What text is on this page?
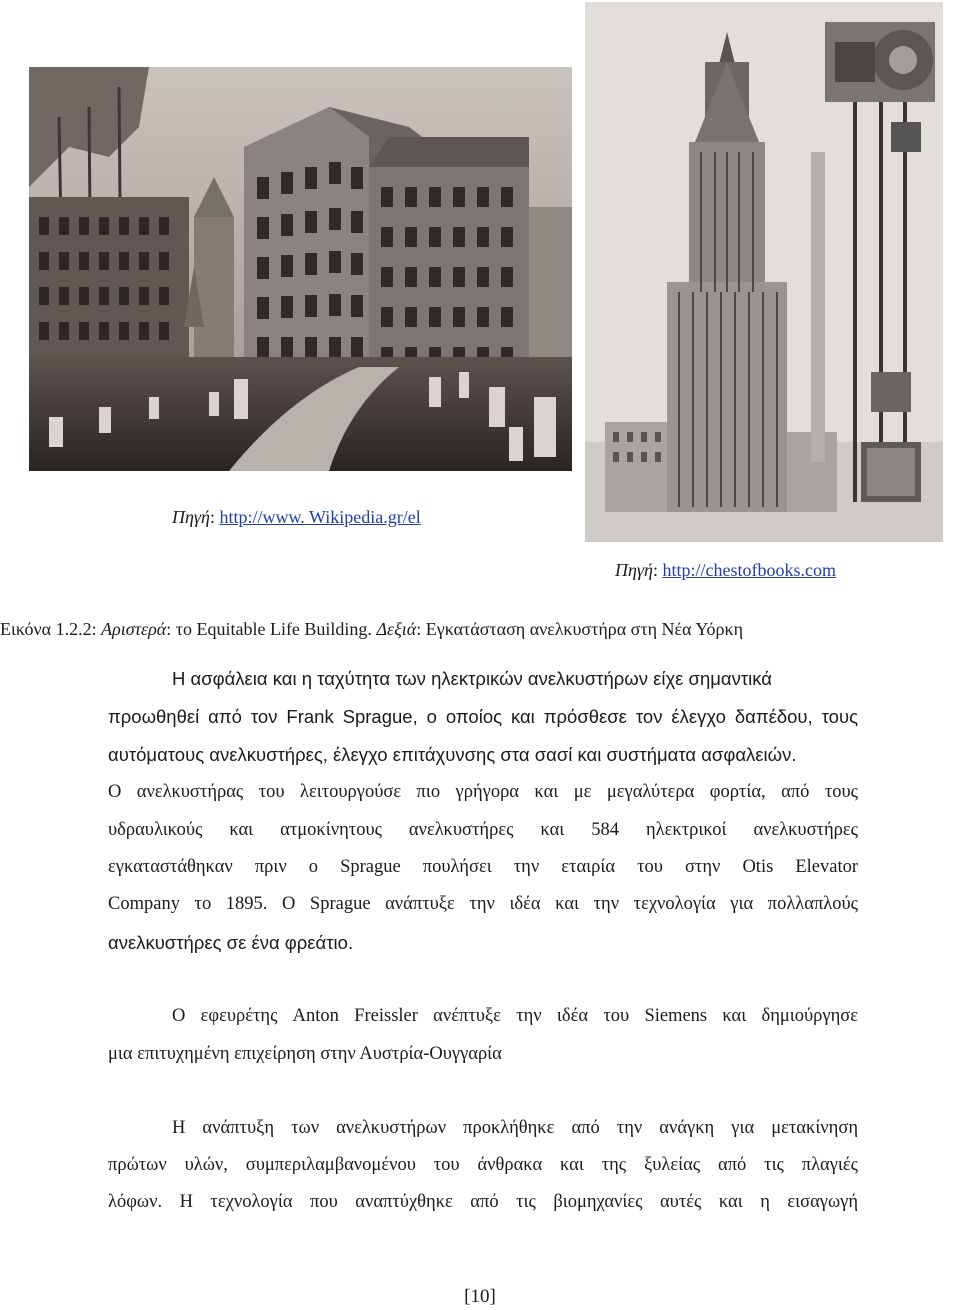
Πηγή: http://www. Wikipedia.gr/el
Πηγή: http://chestofbooks.com
Εικόνα 1.2.2: Αριστερά: το Equitable Life Building. Δεξιά: Εγκατάσταση ανελκυστήρα στη Νέα Υόρκη
Η ασφάλεια και η ταχύτητα των ηλεκτρικών ανελκυστήρων είχε σημαντικά
προωθηθεί από τον Frank Sprague, ο οποίος και πρόσθεσε τον έλεγχο δαπέδου, τους
αυτόματους ανελκυστήρες, έλεγχο επιτάχυνσης στα σασί και συστήματα ασφαλειών.
Ο ανελκυστήρας του λειτουργούσε πιο γρήγορα και με μεγαλύτερα φορτία, από τους
υδραυλικούς και ατμοκίνητους ανελκυστήρες και 584 ηλεκτρικοί ανελκυστήρες
εγκαταστάθηκαν πριν ο Sprague πουλήσει την εταιρία του στην Otis Elevator
Company το 1895. Ο Sprague ανάπτυξε την ιδέα και την τεχνολογία για πολλαπλούς
ανελκυστήρες σε ένα φρεάτιο.
Ο εφευρέτης Anton Freissler ανέπτυξε την ιδέα του Siemens και δημιούργησε
μια επιτυχημένη επιχείρηση στην Αυστρία-Ουγγαρία
Η ανάπτυξη των ανελκυστήρων προκλήθηκε από την ανάγκη για μετακίνηση
πρώτων υλών, συμπεριλαμβανομένου του άνθρακα και της ξυλείας από τις πλαγιές
λόφων. Η τεχνολογία που αναπτύχθηκε από τις βιομηχανίες αυτές και η εισαγωγή
[10]
